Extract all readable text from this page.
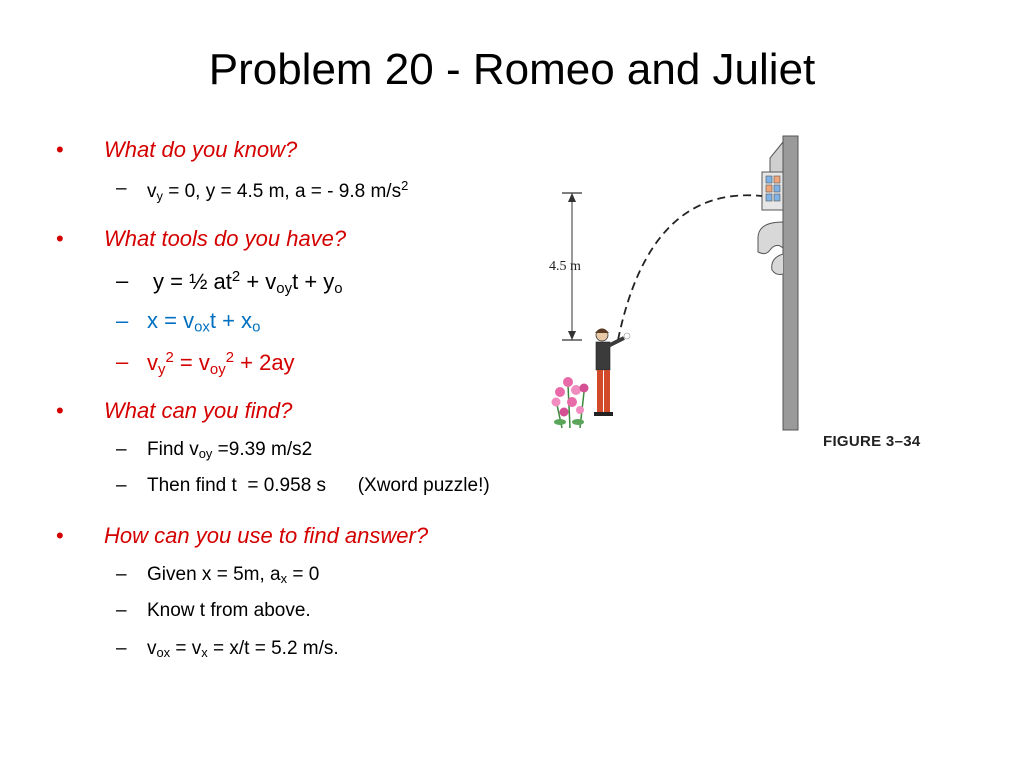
Problem 20 - Romeo and Juliet
• What do you know?
– vy = 0, y = 4.5 m, a = - 9.8 $m/s^2$
• What tools do you have?
– y = ½ $at^2$ + voyt + yo
– x = voxt + xo
– $vy^2 = voy^2 + 2ay$
• What can you find?
– Find voy =9.39 m/s2
– Then find t  = 0.958 s      (Xword puzzle!)
• How can you use to find answer?
– Given x = 5m, ax = 0
– Know t from above.
– vox = vx = x/t = 5.2 m/s.
4.5 m
FIGURE 3–34
